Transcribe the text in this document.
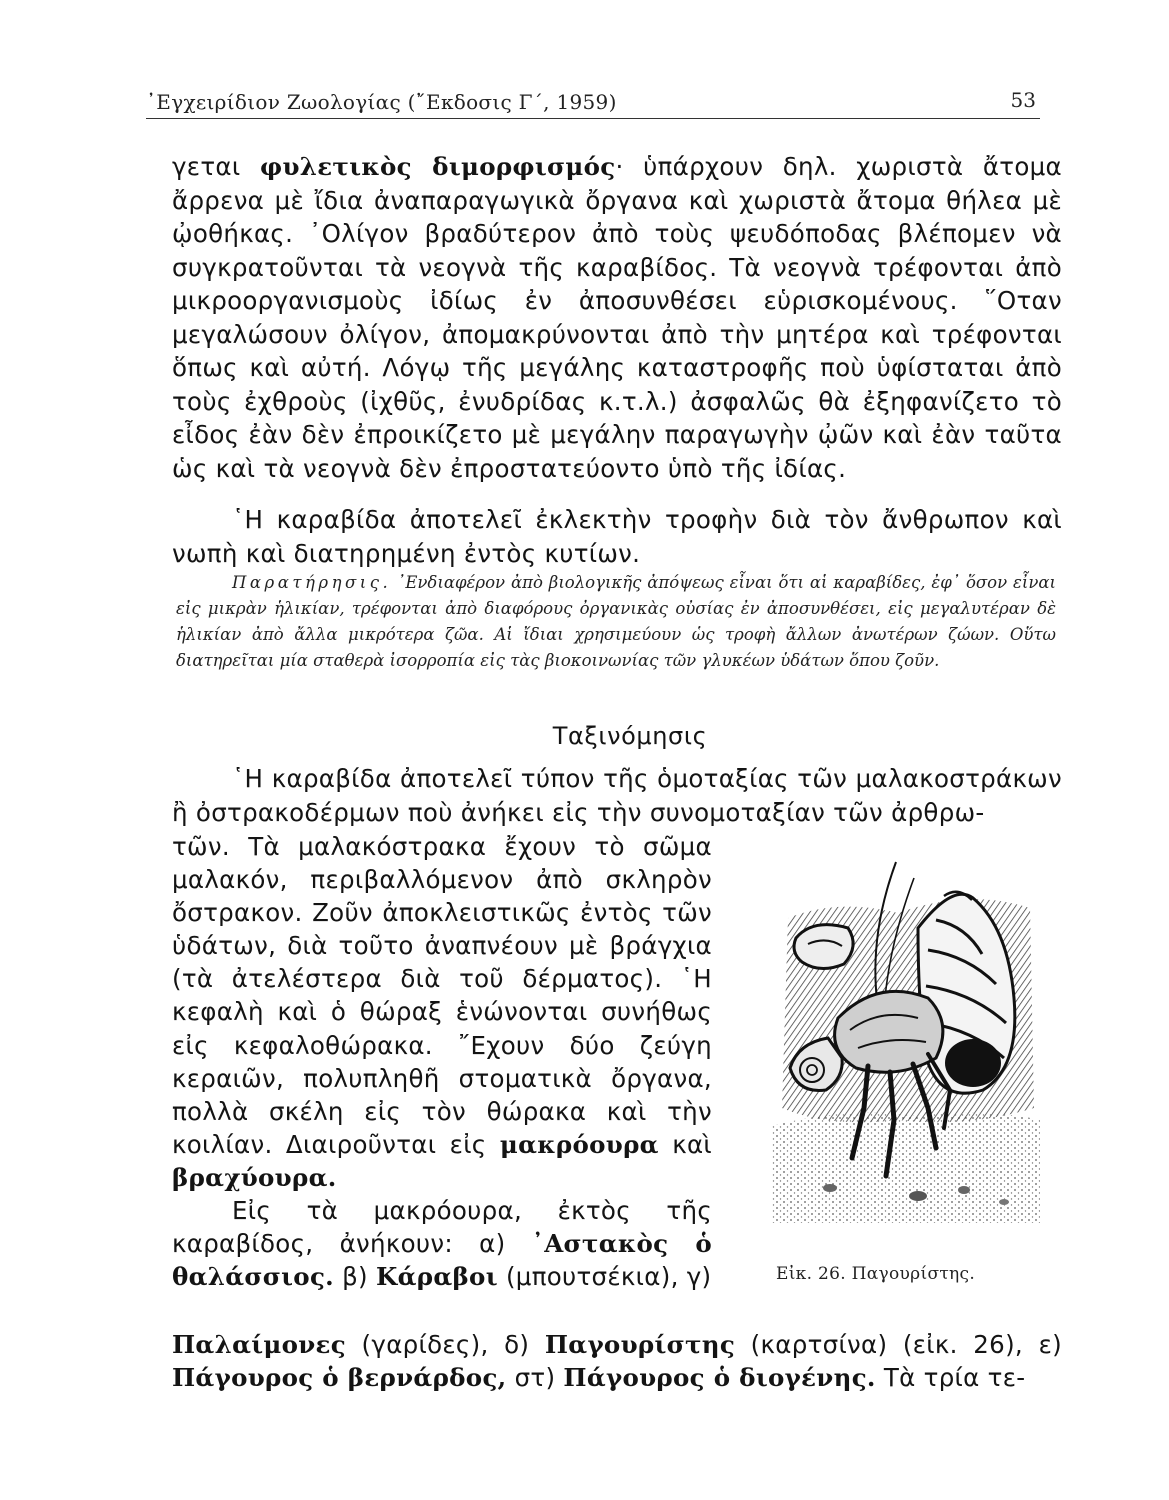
᾿Εγχειρίδιον Ζωολογίας (῎Εκδοσις Γ΄, 1959)	53

γεται φυλετικὸς διμορφισμός· ὑπάρχουν δηλ. χωριστὰ ἄτομα ἄρρενα μὲ ἴδια ἀναπαραγωγικὰ ὄργανα καὶ χωριστὰ ἄτομα θήλεα μὲ ᾠοθήκας. ᾿Ολίγον βραδύτερον ἀπὸ τοὺς ψευδόποδας βλέπομεν νὰ συγκρατοῦνται τὰ νεογνὰ τῆς καραβίδος. Τὰ νεογνὰ τρέφονται ἀπὸ μικροοργανισμοὺς ἰδίως ἐν ἀποσυνθέσει εὑρισκομένους. ῞Οταν μεγαλώσουν ὀλίγον, ἀπομακρύνονται ἀπὸ τὴν μητέρα καὶ τρέφονται ὅπως καὶ αὐτή. Λόγῳ τῆς μεγάλης καταστροφῆς ποὺ ὑφίσταται ἀπὸ τοὺς ἐχθροὺς (ἰχθῦς, ἐνυδρίδας κ.τ.λ.) ἀσφαλῶς θὰ ἐξηφανίζετο τὸ εἶδος ἐὰν δὲν ἐπροικίζετο μὲ μεγάλην παραγωγὴν ᾠῶν καὶ ἐὰν ταῦτα ὡς καὶ τὰ νεογνὰ δὲν ἐπροστατεύοντο ὑπὸ τῆς ἰδίας.

῾Η καραβίδα ἀποτελεῖ ἐκλεκτὴν τροφὴν διὰ τὸν ἄνθρωπον καὶ νωπὴ καὶ διατηρημένη ἐντὸς κυτίων.

Παρατήρησις. ᾿Ενδιαφέρον ἀπὸ βιολογικῆς ἀπόψεως εἶναι ὅτι αἱ καραβίδες, ἐφ᾿ ὅσον εἶναι εἰς μικρὰν ἡλικίαν, τρέφονται ἀπὸ διαφόρους ὀργανικὰς οὐσίας ἐν ἀποσυνθέσει, εἰς μεγαλυτέραν δὲ ἡλικίαν ἀπὸ ἄλλα μικρότερα ζῶα. Αἱ ἴδιαι χρησιμεύουν ὡς τροφὴ ἄλλων ἀνωτέρων ζώων. Οὕτω διατηρεῖται μία σταθερὰ ἰσορροπία εἰς τὰς βιοκοινωνίας τῶν γλυκέων ὑδάτων ὅπου ζοῦν.

Ταξινόμησις

῾Η καραβίδα ἀποτελεῖ τύπον τῆς ὁμοταξίας τῶν μαλακοστράκων ἢ ὀστρακοδέρμων ποὺ ἀνήκει εἰς τὴν συνομοταξίαν τῶν ἀρθρω-

τῶν. Τὰ μαλακόστρακα ἔχουν τὸ σῶμα μαλακόν, περιβαλλόμενον ἀπὸ σκληρὸν ὄστρακον. Ζοῦν ἀποκλειστικῶς ἐντὸς τῶν ὑδάτων, διὰ τοῦτο ἀναπνέουν μὲ βράγχια (τὰ ἀτελέστερα διὰ τοῦ δέρματος). ῾Η κεφαλὴ καὶ ὁ θώραξ ἑνώνονται συνήθως εἰς κεφαλοθώρακα. ῎Εχουν δύο ζεύγη κεραιῶν, πολυπληθῆ στοματικὰ ὄργανα, πολλὰ σκέλη εἰς τὸν θώρακα καὶ τὴν κοιλίαν. Διαιροῦνται εἰς μακρόουρα καὶ βραχύουρα.
Εἰς τὰ μακρόουρα, ἐκτὸς τῆς καραβίδος, ἀνήκουν: α) ᾿Αστακὸς ὁ θαλάσσιος. β) Κάραβοι (μπουτσέκια), γ)

Παλαίμονες (γαρίδες), δ) Παγουρίστης (καρτσίνα) (εἰκ. 26), ε) Πάγουρος ὁ βερνάρδος, στ) Πάγουρος ὁ διογένης. Τὰ τρία τε-

Εἰκ. 26. Παγουρίστης.
